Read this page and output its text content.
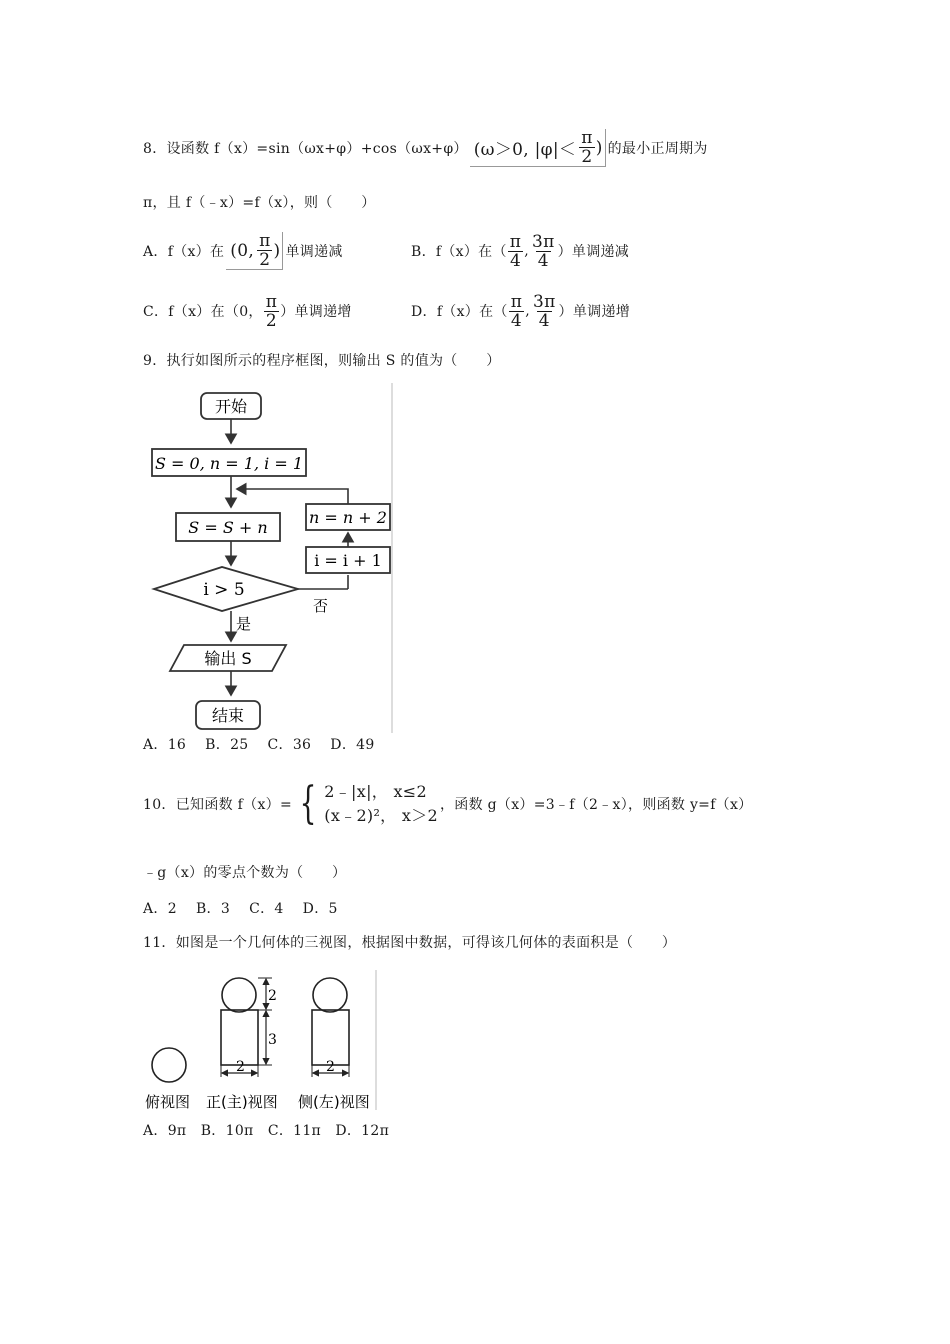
8．设函数 f（x）=sin（ωx+φ）+cos（ωx+φ） (ω＞0, $|\varphi|< \frac{\pi}{2}$ ) 的最小正周期为
π，且 f（﹣x）=f（x），则（　　）
A．f（x）在 (0, $\frac{\pi}{2}$ ) 单调递减	B．f（x）在（ $\frac{\pi}{4}$ , $\frac{3\pi}{4}$ ）单调递减
C．f（x）在（0， $\frac{\pi}{2}$ ）单调递增	D．f（x）在（ $\frac{\pi}{4}$ , $\frac{3\pi}{4}$ ）单调递增
9．执行如图所示的程序框图，则输出 S 的值为（　　）
开始
S = 0, n = 1, i = 1
S = S + n
i > 5
否
i = i + 1
n = n + 2
是
输出 S
结束
A．16　 B．25　 C．36　 D．49
10．已知函数 f（x）= { 2﹣|x|， x≤2
(x﹣2)²， x＞2
，函数 g（x）=3﹣f（2﹣x），则函数 y=f（x）
﹣g（x）的零点个数为（　　）
A．2　 B．3　 C．4　 D．5
11．如图是一个几何体的三视图，根据图中数据，可得该几何体的表面积是（　　）
2
3
2	2
俯视图 正(主)视图 侧(左)视图
A．9π　B．10π　C．11π　D．12π
